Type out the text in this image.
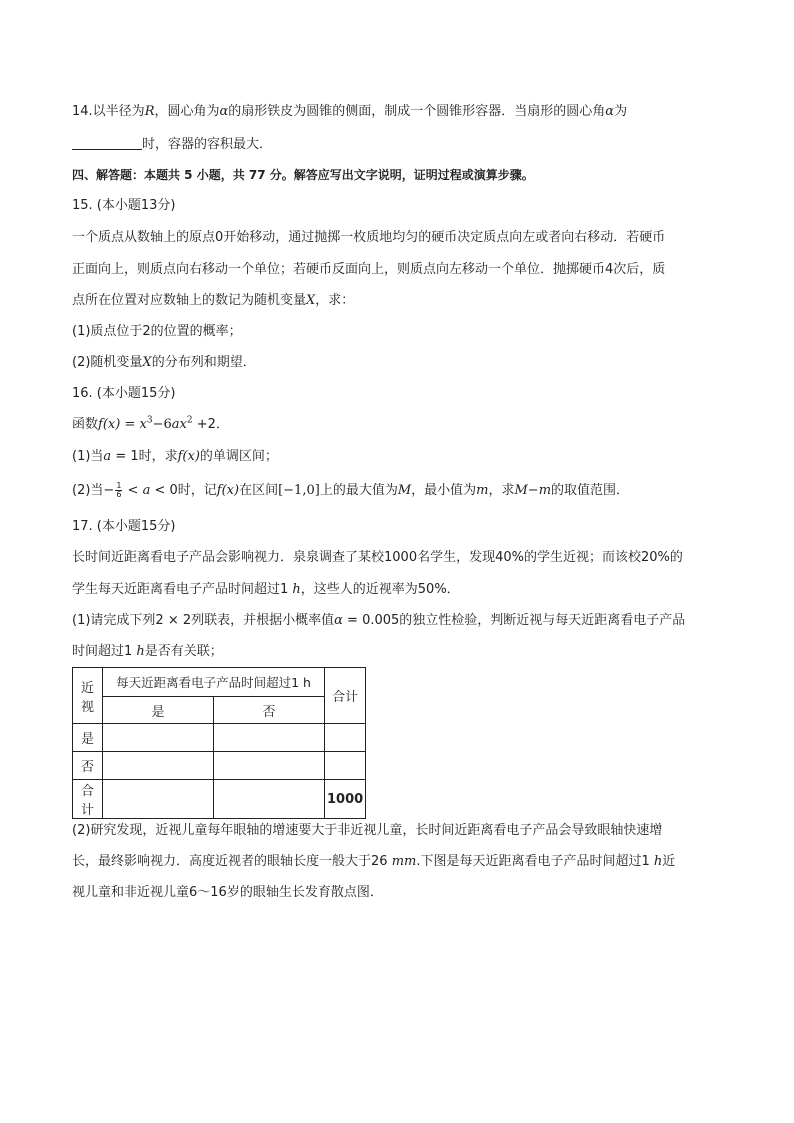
14.以半径为R，圆心角为α的扇形铁皮为圆锥的侧面，制成一个圆锥形容器．当扇形的圆心角α为
时，容器的容积最大．
四、解答题：本题共 5 小题，共 77 分。解答应写出文字说明，证明过程或演算步骤。
15. (本小题13分)
一个质点从数轴上的原点0开始移动，通过抛掷一枚质地均匀的硬币决定质点向左或者向右移动．若硬币
正面向上，则质点向右移动一个单位；若硬币反面向上，则质点向左移动一个单位．抛掷硬币4次后，质
点所在位置对应数轴上的数记为随机变量X，求：
(1)质点位于2的位置的概率；
(2)随机变量X的分布列和期望．
16. (本小题15分)
函数$f(x) = x^3-6ax^2 +2$．
(1)当a = 1时，求f(x)的单调区间；
(2)当− $\frac{1}{6} < a < 0$时，记f(x)在区间[−1,0]上的最大值为M，最小值为m，求M−m的取值范围．
17. (本小题15分)
长时间近距离看电子产品会影响视力．泉泉调查了某校1000名学生，发现40%的学生近视；而该校20%的
学生每天近距离看电子产品时间超过1 h，这些人的近视率为50%．
(1)请完成下列2 × 2列联表，并根据小概率值α = 0.005的独立性检验，判断近视与每天近距离看电子产品
时间超过1 h是否有关联；
近视	每天近距离看电子产品时间超过1 h		合计
	是	否	
是			
否			
合计			1000
(2)研究发现，近视儿童每年眼轴的增速要大于非近视儿童，长时间近距离看电子产品会导致眼轴快速增
长，最终影响视力．高度近视者的眼轴长度一般大于26 mm.下图是每天近距离看电子产品时间超过1 h近
视儿童和非近视儿童6～16岁的眼轴生长发育散点图．
